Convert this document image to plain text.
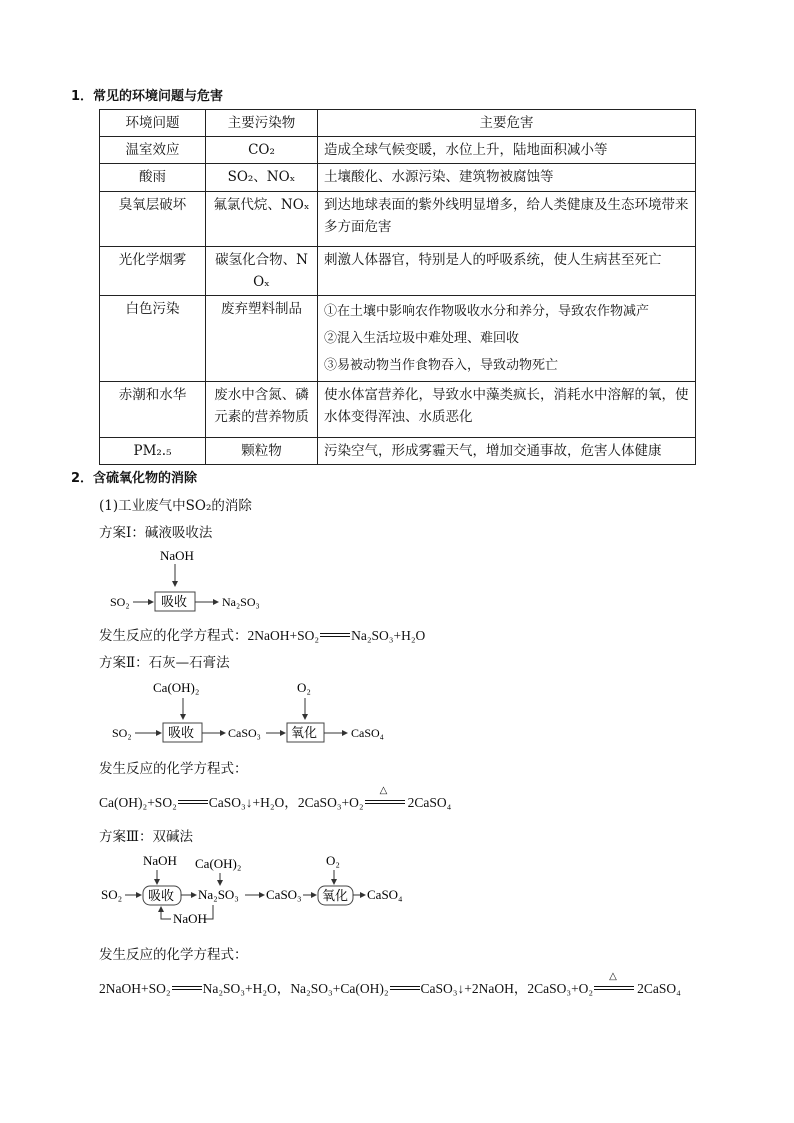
1．常见的环境问题与危害
环境问题	主要污染物	主要危害
温室效应	CO₂	造成全球气候变暖，水位上升，陆地面积减小等
酸雨	SO₂、NOₓ	土壤酸化、水源污染、建筑物被腐蚀等
臭氧层破坏	氟氯代烷、NOₓ	到达地球表面的紫外线明显增多，给人类健康及生态环境带来多方面危害
光化学烟雾	碳氢化合物、NOₓ	刺激人体器官，特别是人的呼吸系统，使人生病甚至死亡
白色污染	废弃塑料制品	①在土壤中影响农作物吸收水分和养分，导致农作物减产
②混入生活垃圾中难处理、难回收
③易被动物当作食物吞入，导致动物死亡

赤潮和水华	废水中含氮、磷元素的营养物质	使水体富营养化，导致水中藻类疯长，消耗水中溶解的氧，使水体变得浑浊、水质恶化
PM₂.₅	颗粒物	污染空气，形成雾霾天气，增加交通事故，危害人体健康
2．含硫氧化物的消除
(1)工业废气中SO₂的消除
方案Ⅰ：碱液吸收法
NaOH
SO₂ 吸收	Na₂SO₃
发生反应的化学方程式：2NaOH+SO₂ Na₂SO₃+H₂O
方案Ⅱ：石灰—石膏法
Ca(OH)₂	O₂
SO₂	吸收	CaSO₃ 氧化	CaSO₄
发生反应的化学方程式：
Ca(OH)₂+SO₂ CaSO₃↓+H₂O，2CaSO₃+O₂
△
2CaSO₄
方案Ⅲ：双碱法
NaOH Ca(OH)₂	O₂
SO₂ 吸收 Na₂SO₃ CaSO₃ 氧化 CaSO₄
NaOH
发生反应的化学方程式：
2NaOH+SO₂ Na₂SO₃+H₂O，Na₂SO₃+Ca(OH)₂ CaSO₃↓+2NaOH，2CaSO₃+O₂
△
2CaSO₄
